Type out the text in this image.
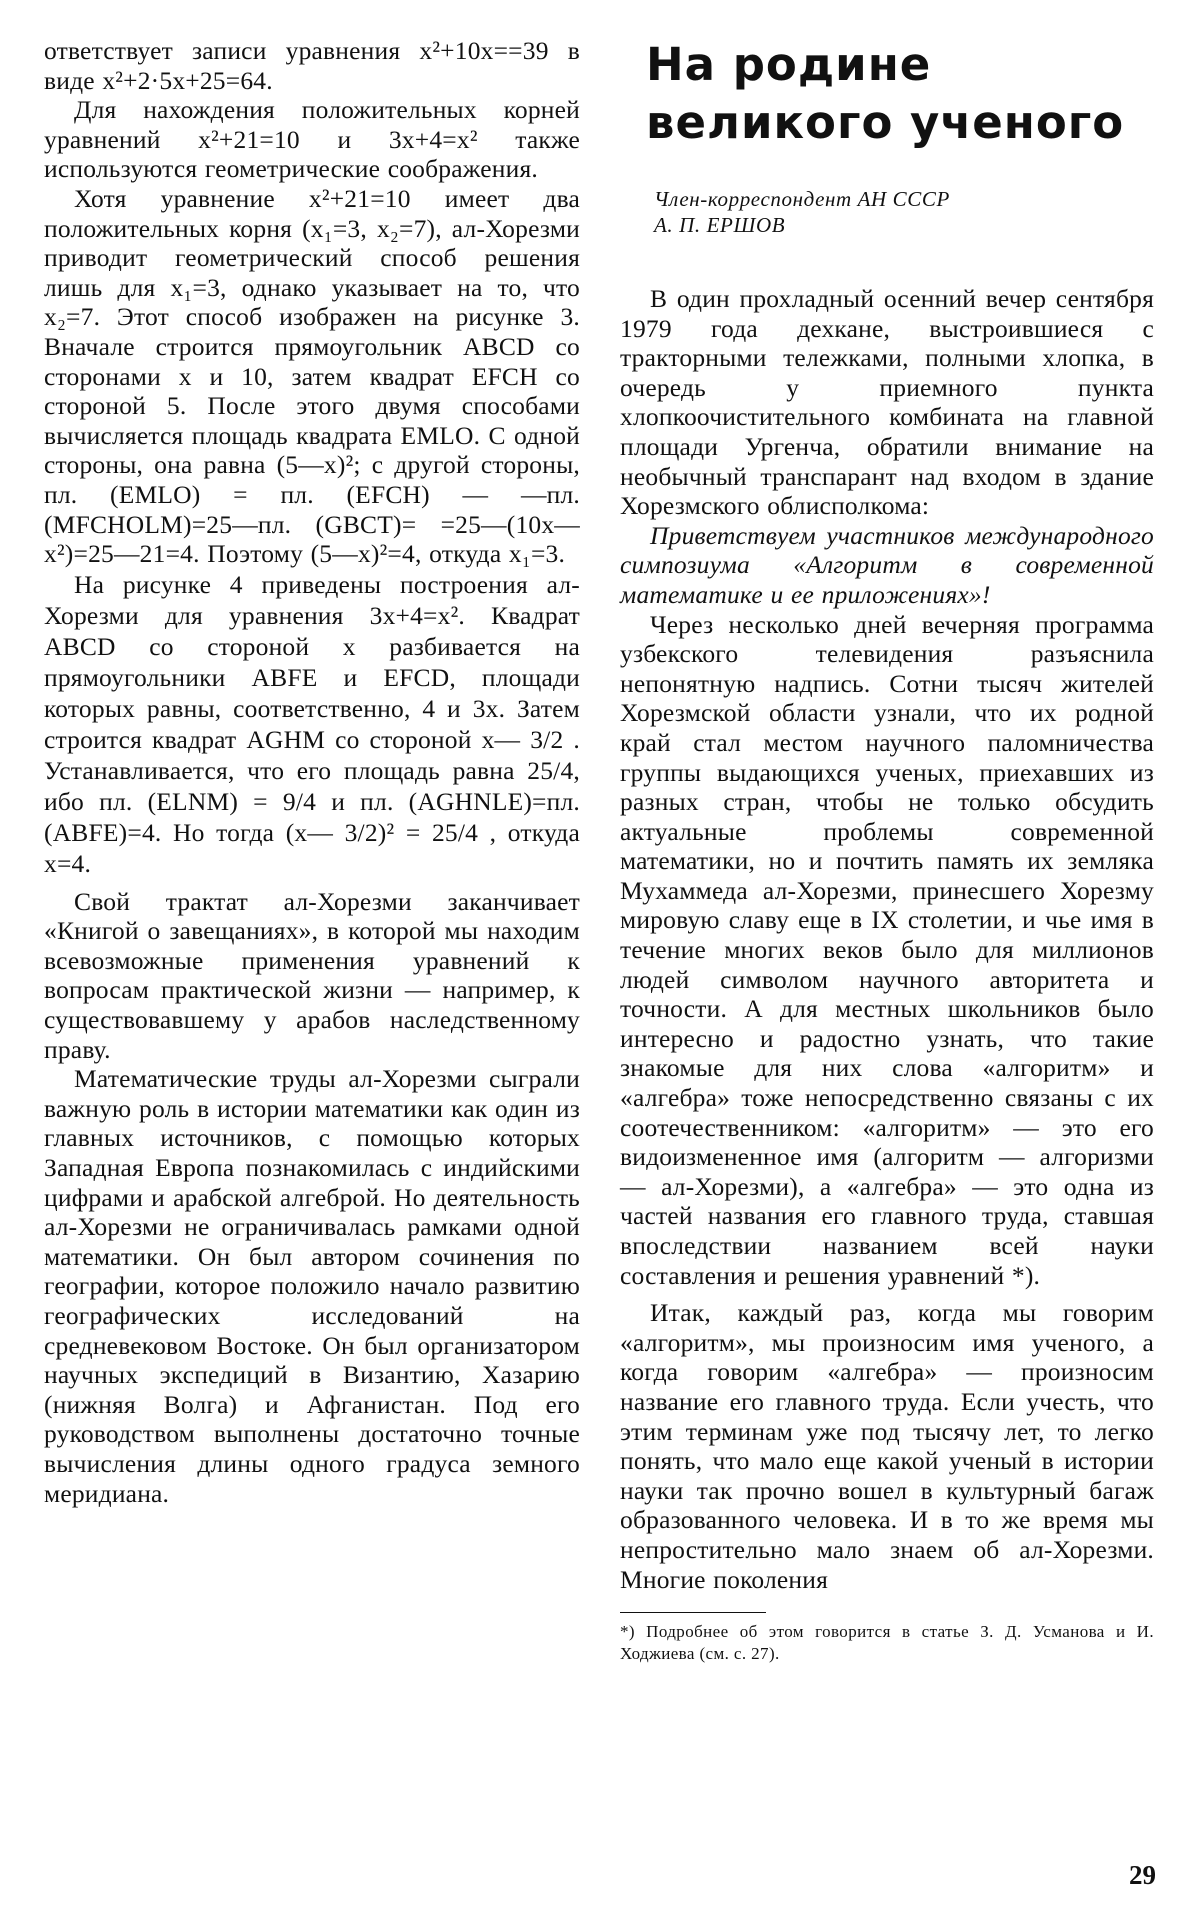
ответствует записи уравнения x²+10x==39 в виде x²+2·5x+25=64.

Для нахождения положительных корней уравнений x²+21=10 и 3x+4=x² также используются геометрические соображения.

Хотя уравнение x²+21=10 имеет два положительных корня (x₁=3, x₂=7), ал-Хорезми приводит геометрический способ решения лишь для x₁=3, однако указывает на то, что x₂=7. Этот способ изображен на рисунке 3. Вначале строится прямоугольник ABCD со сторонами x и 10, затем квадрат EFCH со стороной 5. После этого двумя способами вычисляется площадь квадрата EMLO. С одной стороны, она равна (5—x)²; с другой стороны, пл. (EMLO) = пл. (EFCH) — —пл. (MFCHOLM)=25—пл. (GBCT)= =25—(10x—x²)=25—21=4. Поэтому (5—x)²=4, откуда x₁=3.

На рисунке 4 приведены построения ал-Хорезми для уравнения 3x+4=x². Квадрат ABCD со стороной x разбивается на прямоугольники ABFE и EFCD, площади которых равны, соответственно, 4 и 3x. Затем строится квадрат AGHM со стороной x— 3/2 . Устанавливается, что его площадь равна 25/4, ибо пл. (ELNM) = 9/4 и пл. (AGHNLE)=пл. (ABFE)=4. Но тогда (x— 3/2)² = 25/4 , откуда x=4.

Свой трактат ал-Хорезми заканчивает «Книгой о завещаниях», в которой мы находим всевозможные применения уравнений к вопросам практической жизни — например, к существовавшему у арабов наследственному праву.

Математические труды ал-Хорезми сыграли важную роль в истории математики как один из главных источников, с помощью которых Западная Европа познакомилась с индийскими цифрами и арабской алгеброй. Но деятельность ал-Хорезми не ограничивалась рамками одной математики. Он был автором сочинения по географии, которое положило начало развитию географических исследований на средневековом Востоке. Он был организатором научных экспедиций в Византию, Хазарию (нижняя Волга) и Афганистан. Под его руководством выполнены достаточно точные вычисления длины одного градуса земного меридиана.

На родине
великого ученого

Член-корреспондент АН СССР

А. П. ЕРШОВ

В один прохладный осенний вечер сентября 1979 года дехкане, выстроившиеся с тракторными тележками, полными хлопка, в очередь у приемного пункта хлопкоочистительного комбината на главной площади Ургенча, обратили внимание на необычный транспарант над входом в здание Хорезмского облисполкома:

Приветствуем участников международного симпозиума «Алгоритм в современной математике и ее приложениях»!

Через несколько дней вечерняя программа узбекского телевидения разъяснила непонятную надпись. Сотни тысяч жителей Хорезмской области узнали, что их родной край стал местом научного паломничества группы выдающихся ученых, приехавших из разных стран, чтобы не только обсудить актуальные проблемы современной математики, но и почтить память их земляка Мухаммеда ал-Хорезми, принесшего Хорезму мировую славу еще в IX столетии, и чье имя в течение многих веков было для миллионов людей символом научного авторитета и точности. А для местных школьников было интересно и радостно узнать, что такие знакомые для них слова «алгоритм» и «алгебра» тоже непосредственно связаны с их соотечественником: «алгоритм» — это его видоизмененное имя (алгоритм — алгоризми — ал-Хорезми), а «алгебра» — это одна из частей названия его главного труда, ставшая впоследствии названием всей науки составления и решения уравнений *).

Итак, каждый раз, когда мы говорим «алгоритм», мы произносим имя ученого, а когда говорим «алгебра» — произносим название его главного труда. Если учесть, что этим терминам уже под тысячу лет, то легко понять, что мало еще какой ученый в истории науки так прочно вошел в культурный багаж образованного человека. И в то же время мы непростительно мало знаем об ал-Хорезми. Многие поколения

*) Подробнее об этом говорится в статье З. Д. Усманова и И. Ходжиева (см. с. 27).

29
